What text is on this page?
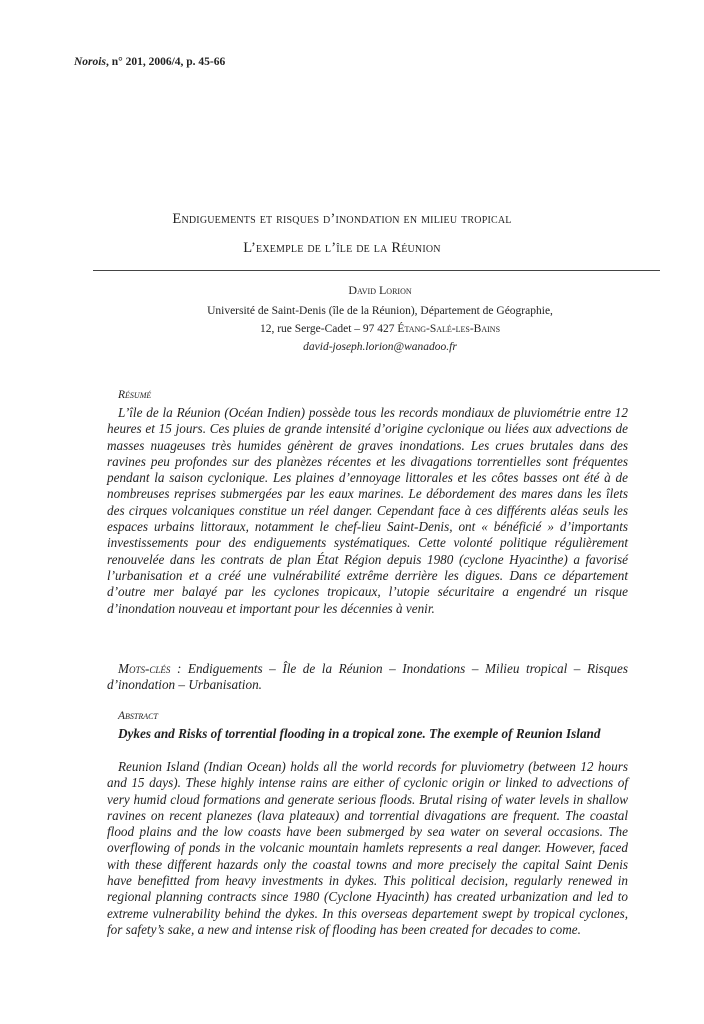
Norois, n° 201, 2006/4, p. 45-66
Endiguements et risques d’inondation en milieu tropical
L’exemple de l’île de la Réunion
David Lorion
Université de Saint-Denis (île de la Réunion), Département de Géographie,
12, rue Serge-Cadet – 97 427 Étang-Salé-les-Bains
david-joseph.lorion@wanadoo.fr
Résumé
L’île de la Réunion (Océan Indien) possède tous les records mondiaux de pluviométrie entre 12 heures et 15 jours. Ces pluies de grande intensité d’origine cyclonique ou liées aux advections de masses nuageuses très humides génèrent de graves inondations. Les crues brutales dans des ravines peu profondes sur des planèzes récentes et les divagations torrentielles sont fréquentes pendant la saison cyclonique. Les plaines d’ennoyage littorales et les côtes basses ont été à de nombreuses reprises submergées par les eaux marines. Le débordement des mares dans les îlets des cirques volcaniques constitue un réel danger. Cependant face à ces différents aléas seuls les espaces urbains littoraux, notamment le chef-lieu Saint-Denis, ont « bénéficié » d’importants investissements pour des endiguements systématiques. Cette volonté politique régulièrement renouvelée dans les contrats de plan État Région depuis 1980 (cyclone Hyacinthe) a favorisé l’urbanisation et a créé une vulnérabilité extrême derrière les digues. Dans ce département d’outre mer balayé par les cyclones tropicaux, l’utopie sécuritaire a engendré un risque d’inondation nouveau et important pour les décennies à venir.
Mots-clés : Endiguements – Île de la Réunion – Inondations – Milieu tropical – Risques d’inondation – Urbanisation.
Abstract
Dykes and Risks of torrential flooding in a tropical zone. The exemple of Reunion Island
Reunion Island (Indian Ocean) holds all the world records for pluviometry (between 12 hours and 15 days). These highly intense rains are either of cyclonic origin or linked to advections of very humid cloud formations and generate serious floods. Brutal rising of water levels in shallow ravines on recent planezes (lava plateaux) and torrential divagations are frequent. The coastal flood plains and the low coasts have been submerged by sea water on several occasions. The overflowing of ponds in the volcanic mountain hamlets represents a real danger. However, faced with these different hazards only the coastal towns and more precisely the capital Saint Denis have benefitted from heavy investments in dykes. This political decision, regularly renewed in regional planning contracts since 1980 (Cyclone Hyacinth) has created urbanization and led to extreme vulnerability behind the dykes. In this overseas departement swept by tropical cyclones, for safety’s sake, a new and intense risk of flooding has been created for decades to come.
